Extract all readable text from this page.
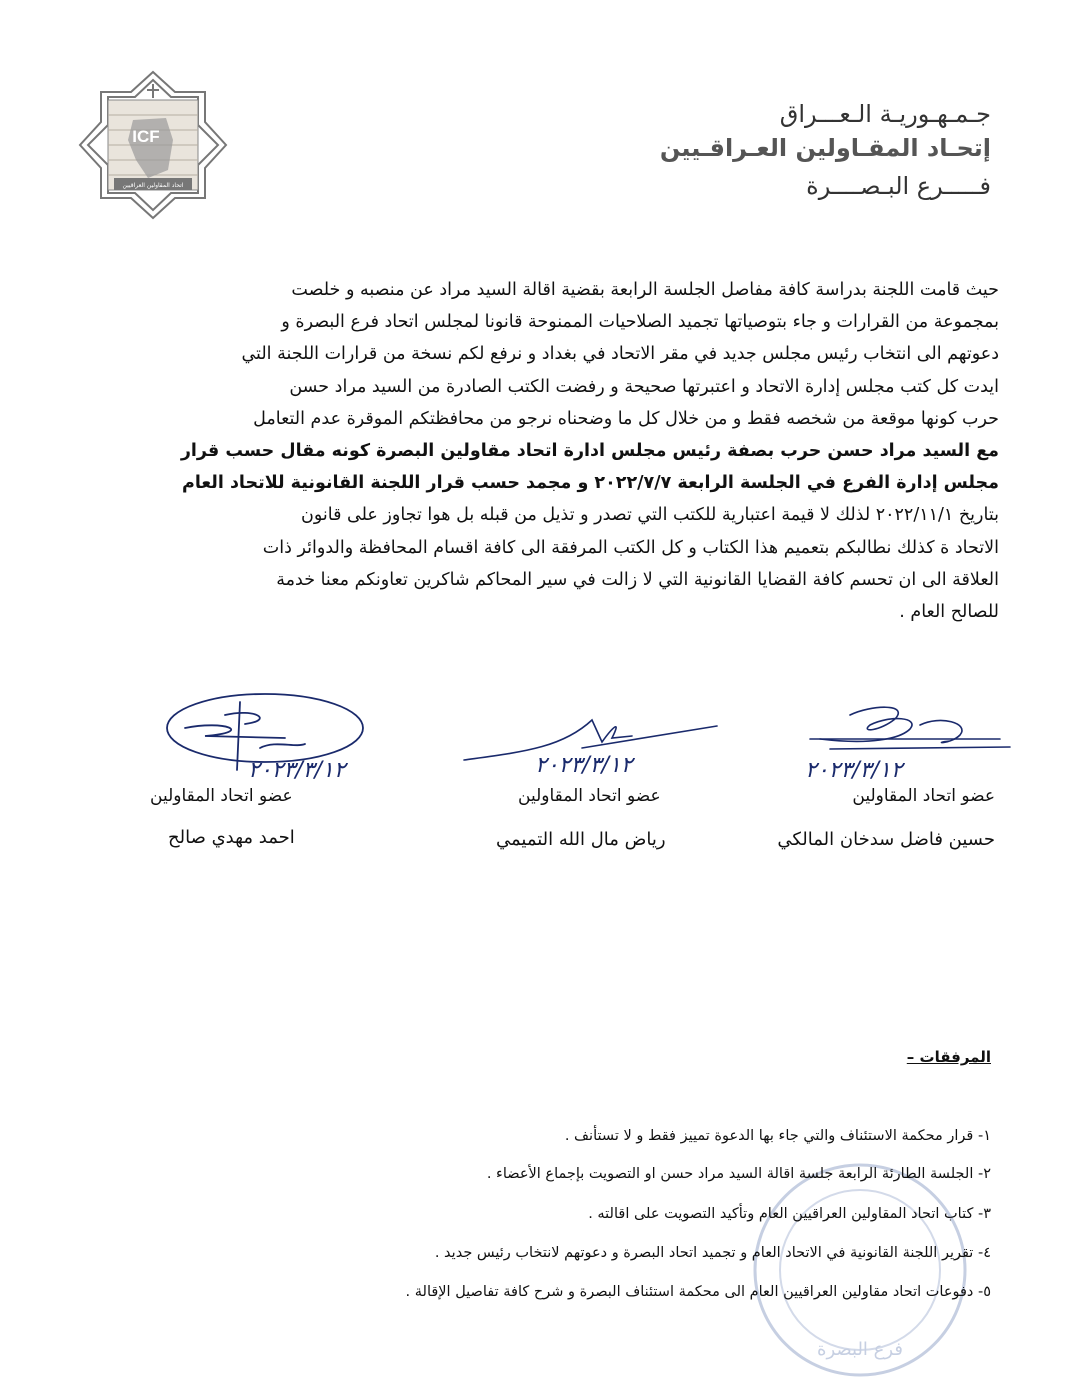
ICF
اتحاد المقاولين العراقيين
جـمـهـوريـة الـعـــراق
إتحـاد المقـاولين العـراقـيين
فـــــرع البـصــــرة
حيث قامت اللجنة بدراسة كافة مفاصل الجلسة الرابعة بقضية اقالة السيد مراد عن منصبه و خلصت
بمجموعة من القرارات و جاء بتوصياتها تجميد الصلاحيات الممنوحة قانونا لمجلس اتحاد فرع البصرة و
دعوتهم الى انتخاب رئيس مجلس جديد في مقر الاتحاد في بغداد و نرفع لكم نسخة من قرارات اللجنة التي
ايدت كل كتب مجلس إدارة الاتحاد و اعتبرتها صحيحة و رفضت الكتب الصادرة من السيد مراد حسن
حرب كونها موقعة من شخصه فقط و من خلال كل ما وضحناه نرجو من محافظتكم الموقرة عدم التعامل
مع السيد مراد حسن حرب بصفة رئيس مجلس ادارة اتحاد مقاولين البصرة كونه مقال حسب قرار
مجلس إدارة الفرع في الجلسة الرابعة ٢٠٢٢/٧/٧ و مجمد حسب قرار اللجنة القانونية للاتحاد العام
بتاريخ ٢٠٢٢/١١/١ لذلك لا قيمة اعتبارية للكتب التي تصدر و تذيل من قبله بل هوا تجاوز على قانون
الاتحاد ة كذلك نطالبكم بتعميم هذا الكتاب و كل الكتب المرفقة الى كافة اقسام المحافظة والدوائر ذات
العلاقة الى ان تحسم كافة القضايا القانونية التي لا زالت في سير المحاكم شاكرين تعاونكم معنا خدمة
للصالح العام .
عضو اتحاد المقاولين
حسين فاضل سدخان المالكي
٢٠٢٣/٣/١٢
عضو اتحاد المقاولين
رياض مال الله التميمي
٢٠٢٣/٣/١٢
عضو اتحاد المقاولين
احمد مهدي صالح
٢٠٢٣/٣/١٢
فرع البصرة
المرفقات –
١- قرار محكمة الاستئناف والتي جاء بها الدعوة تمييز فقط و لا تستأنف .
٢- الجلسة الطارئة الرابعة جلسة اقالة السيد مراد حسن او التصويت بإجماع الأعضاء .
٣- كتاب اتحاد المقاولين العراقيين العام وتأكيد التصويت على اقالته .
٤- تقرير اللجنة القانونية في الاتحاد العام و تجميد اتحاد البصرة و دعوتهم لانتخاب رئيس جديد .
٥- دفوعات اتحاد مقاولين العراقيين العام الى محكمة استئناف البصرة و شرح كافة تفاصيل الإقالة .
